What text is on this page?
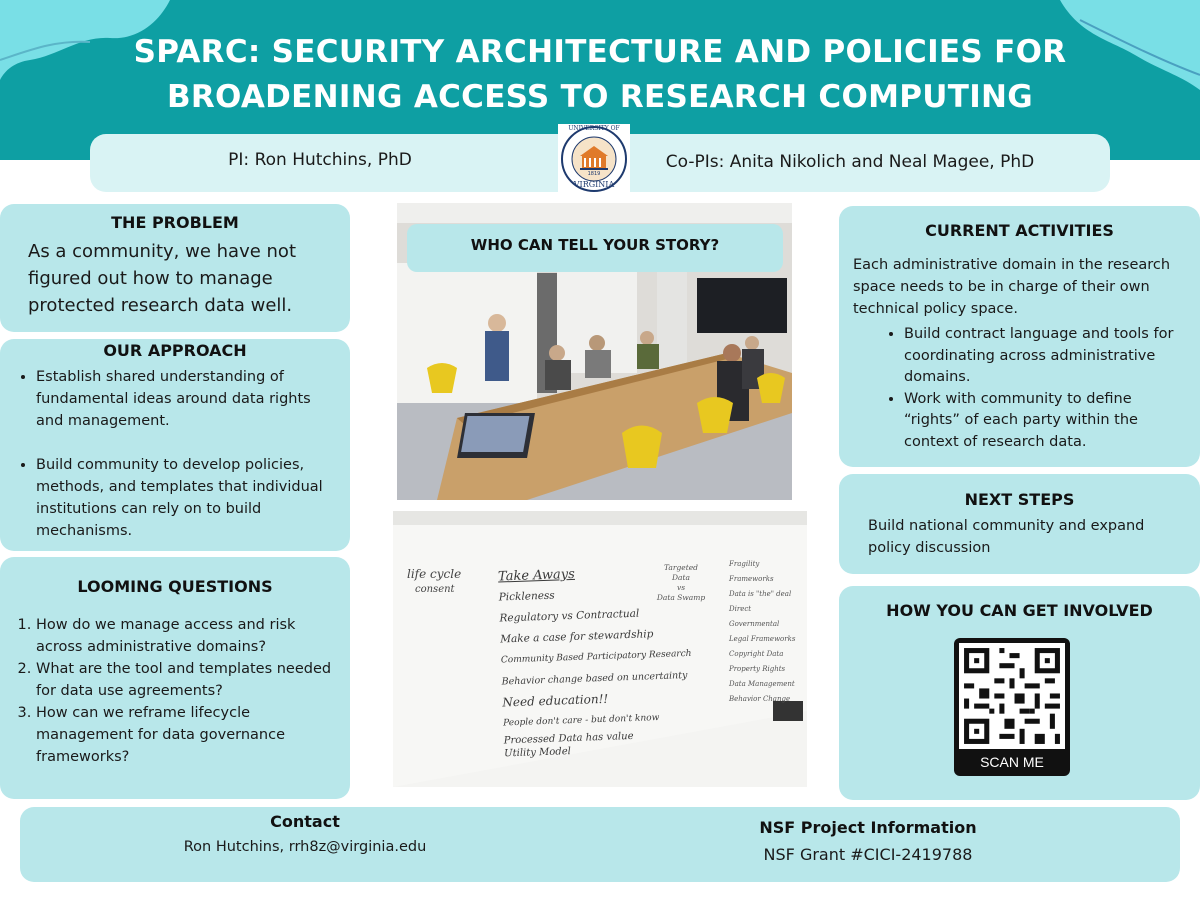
SPARC: SECURITY ARCHITECTURE AND POLICIES FOR
BROADENING ACCESS TO RESEARCH COMPUTING
PI: Ron Hutchins, PhD	Co-PIs: Anita Nikolich and Neal Magee, PhD
UNIVERSITY OF
1819
VIRGINIA
THE PROBLEM
As a community, we have not figured out how to manage protected research data well.
OUR APPROACH
• Establish shared understanding of fundamental ideas around data rights and management.
• Build community to develop policies, methods, and templates that individual institutions can rely on to build mechanisms.
LOOMING QUESTIONS
1. How do we manage access and risk across administrative domains?
2. What are the tool and templates needed for data use agreements?
3. How can we reframe lifecycle management for data governance frameworks?
WHO CAN TELL YOUR STORY?
life cycle
consent
Take Aways
Pickleness
Regulatory vs Contractual
Make a case for stewardship
Community Based Participatory Research
Behavior change based on uncertainty
Need education!!
People don't care - but don't know
Processed Data has value
Utility Model
Targeted Data
vs
Data Swamp
Fragility
Frameworks
Data is "the" deal
Direct
Governmental
Legal Frameworks
Copyright Data
Property Rights
Data Management
Behavior Change
CURRENT ACTIVITIES
Each administrative domain in the research space needs to be in charge of their own technical policy space.
• Build contract language and tools for coordinating across administrative domains.
• Work with community to define “rights” of each party within the context of research data.
NEXT STEPS
Build national community and expand policy discussion
HOW YOU CAN GET INVOLVED
SCAN ME
Contact
Ron Hutchins, rrh8z@virginia.edu
NSF Project Information
NSF Grant #CICI-2419788
